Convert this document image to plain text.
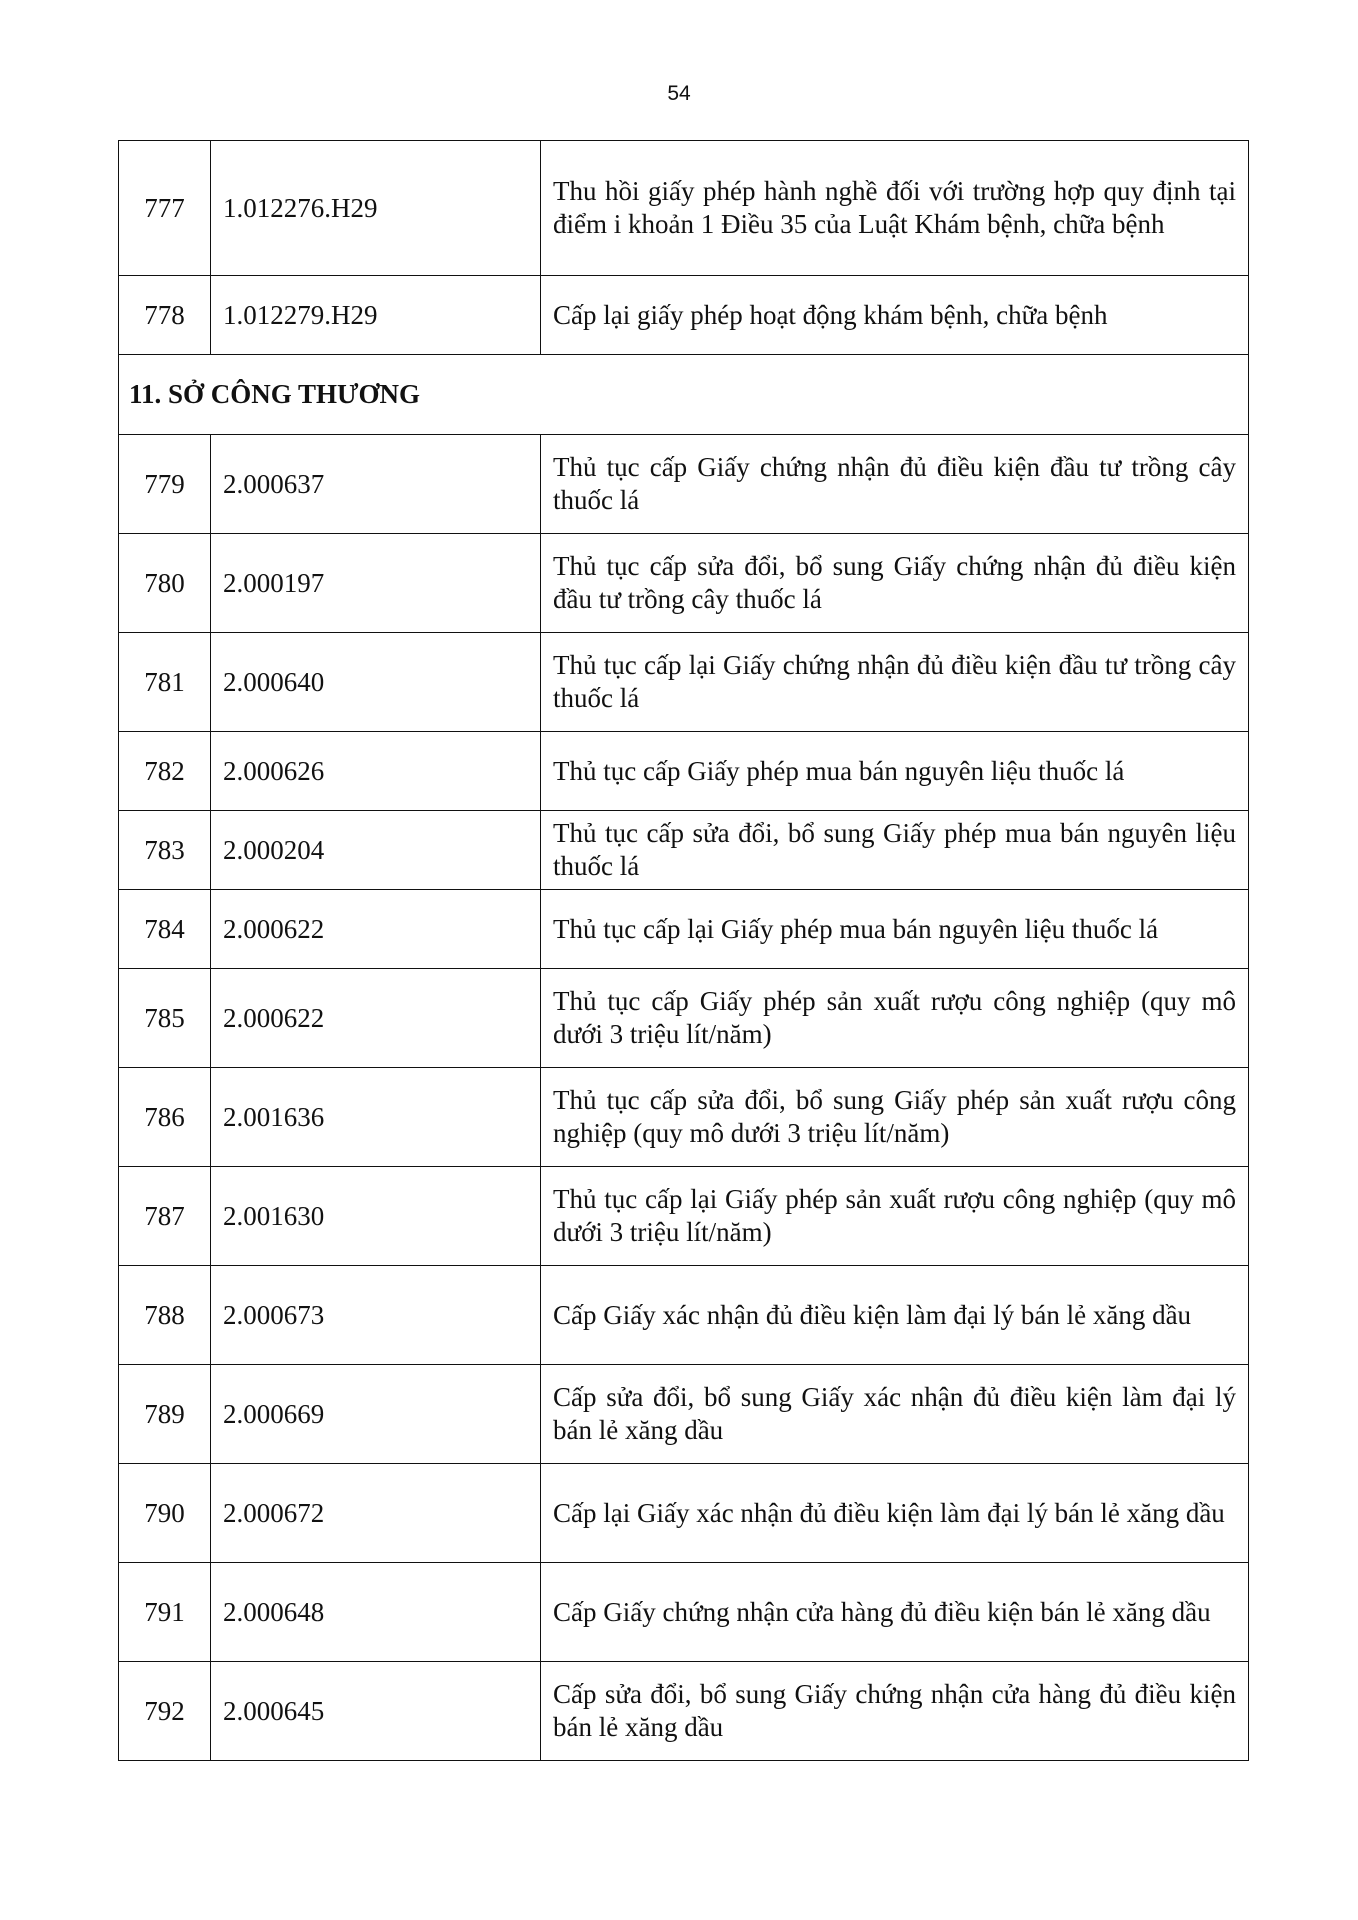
54
777	1.012276.H29	Thu hồi giấy phép hành nghề đối với trường hợp quy định tại điểm i khoản 1 Điều 35 của Luật Khám bệnh, chữa bệnh
778	1.012279.H29	Cấp lại giấy phép hoạt động khám bệnh, chữa bệnh
11. SỞ CÔNG THƯƠNG		
779	2.000637	Thủ tục cấp Giấy chứng nhận đủ điều kiện đầu tư trồng cây thuốc lá
780	2.000197	Thủ tục cấp sửa đổi, bổ sung Giấy chứng nhận đủ điều kiện đầu tư trồng cây thuốc lá
781	2.000640	Thủ tục cấp lại Giấy chứng nhận đủ điều kiện đầu tư trồng cây thuốc lá
782	2.000626	Thủ tục cấp Giấy phép mua bán nguyên liệu thuốc lá
783	2.000204	Thủ tục cấp sửa đổi, bổ sung Giấy phép mua bán nguyên liệu thuốc lá
784	2.000622	Thủ tục cấp lại Giấy phép mua bán nguyên liệu thuốc lá
785	2.000622	Thủ tục cấp Giấy phép sản xuất rượu công nghiệp (quy mô dưới 3 triệu lít/năm)
786	2.001636	Thủ tục cấp sửa đổi, bổ sung Giấy phép sản xuất rượu công nghiệp (quy mô dưới 3 triệu lít/năm)
787	2.001630	Thủ tục cấp lại Giấy phép sản xuất rượu công nghiệp (quy mô dưới 3 triệu lít/năm)
788	2.000673	Cấp Giấy xác nhận đủ điều kiện làm đại lý bán lẻ xăng dầu
789	2.000669	Cấp sửa đổi, bổ sung Giấy xác nhận đủ điều kiện làm đại lý bán lẻ xăng dầu
790	2.000672	Cấp lại Giấy xác nhận đủ điều kiện làm đại lý bán lẻ xăng dầu
791	2.000648	Cấp Giấy chứng nhận cửa hàng đủ điều kiện bán lẻ xăng dầu
792	2.000645	Cấp sửa đổi, bổ sung Giấy chứng nhận cửa hàng đủ điều kiện bán lẻ xăng dầu
